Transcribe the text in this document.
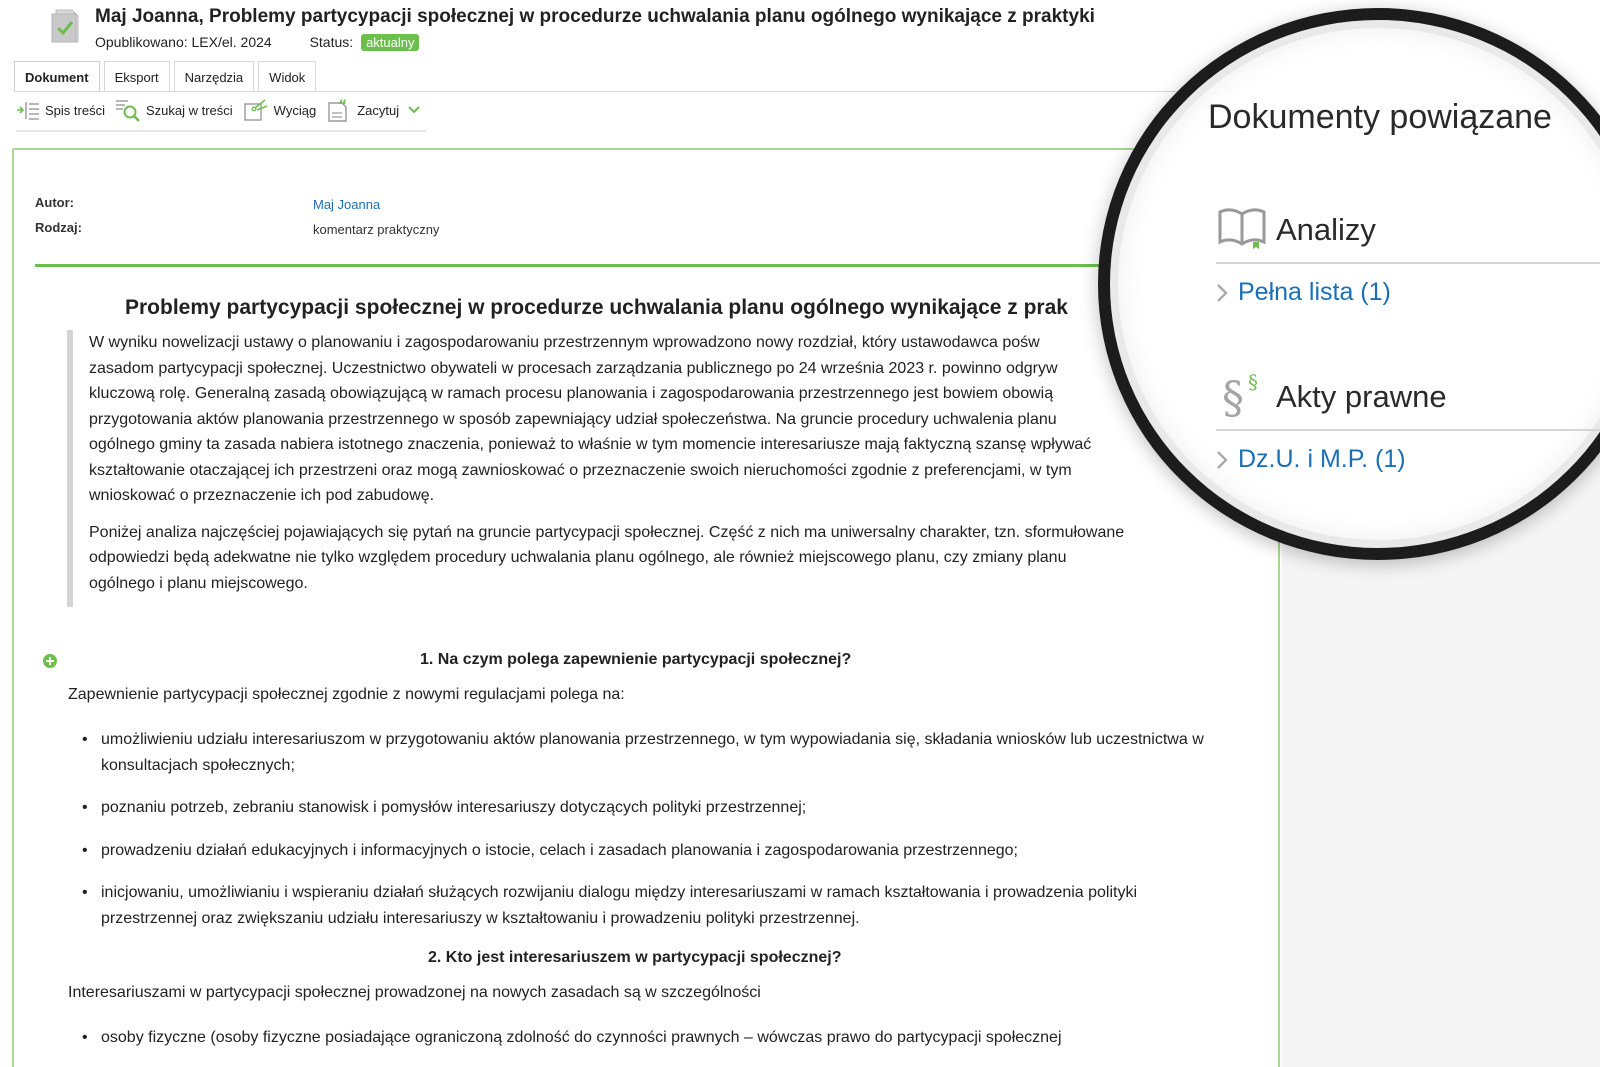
Maj Joanna, Problemy partycypacji społecznej w procedurze uchwalania planu ogólnego wynikające z praktyki
Opublikowano: LEX/el. 2024	Status: aktualny
Dokument	Eksport	Narzędzia	Widok
Spis treści	Szukaj w treści	Wyciąg “ Zacytuj
Autor:	Maj Joanna
Rodzaj:	komentarz praktyczny
Problemy partycypacji społecznej w procedurze uchwalania planu ogólnego wynikające z prak

W wyniku nowelizacji ustawy o planowaniu i zagospodarowaniu przestrzennym wprowadzono nowy rozdział, który ustawodawca pośw
zasadom partycypacji społecznej. Uczestnictwo obywateli w procesach zarządzania publicznego po 24 września 2023 r. powinno odgryw
kluczową rolę. Generalną zasadą obowiązującą w ramach procesu planowania i zagospodarowania przestrzennego jest bowiem obowią
przygotowania aktów planowania przestrzennego w sposób zapewniający udział społeczeństwa. Na gruncie procedury uchwalenia planu
ogólnego gminy ta zasada nabiera istotnego znaczenia, ponieważ to właśnie w tym momencie interesariusze mają faktyczną szansę wpływać
kształtowanie otaczającej ich przestrzeni oraz mogą zawnioskować o przeznaczenie swoich nieruchomości zgodnie z preferencjami, w tym
wnioskować o przeznaczenie ich pod zabudowę.

Poniżej analiza najczęściej pojawiających się pytań na gruncie partycypacji społecznej. Część z nich ma uniwersalny charakter, tzn. sformułowane
odpowiedzi będą adekwatne nie tylko względem procedury uchwalania planu ogólnego, ale również miejscowego planu, czy zmiany planu
ogólnego i planu miejscowego.

1. Na czym polega zapewnienie partycypacji społecznej?
Zapewnienie partycypacji społecznej zgodnie z nowymi regulacjami polega na:
• umożliwieniu udziału interesariuszom w przygotowaniu aktów planowania przestrzennego, w tym wypowiadania się, składania wniosków lub uczestnictwa w konsultacjach społecznych;
• poznaniu potrzeb, zebraniu stanowisk i pomysłów interesariuszy dotyczących polityki przestrzennej;
• prowadzeniu działań edukacyjnych i informacyjnych o istocie, celach i zasadach planowania i zagospodarowania przestrzennego;
• inicjowaniu, umożliwianiu i wspieraniu działań służących rozwijaniu dialogu między interesariuszami w ramach kształtowania i prowadzenia polityki przestrzennej oraz zwiększaniu udziału interesariuszy w kształtowaniu i prowadzeniu polityki przestrzennej.
2. Kto jest interesariuszem w partycypacji społecznej?
Interesariuszami w partycypacji społecznej prowadzonej na nowych zasadach są w szczególności
• osoby fizyczne (osoby fizyczne posiadające ograniczoną zdolność do czynności prawnych – wówczas prawo do partycypacji społecznej
Dokumenty powiązane
Analizy
Pełna lista (1)
§ § Akty prawne
Dz.U. i M.P. (1)
